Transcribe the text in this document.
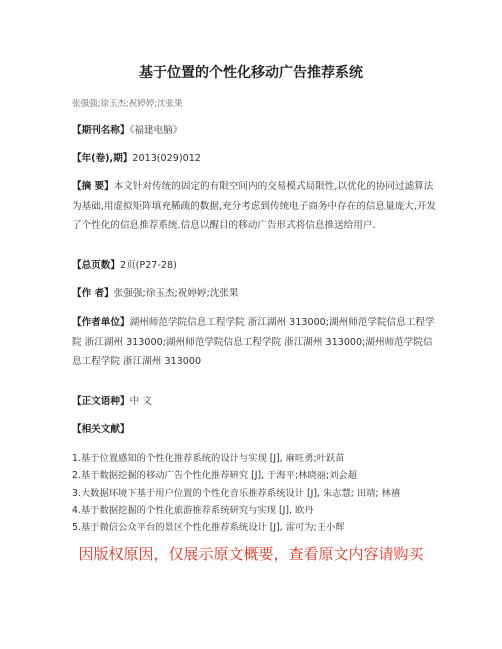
基于位置的个性化移动广告推荐系统
张强强;徐玉杰;祝婷婷;沈张果
【期刊名称】《福建电脑》
【年(卷),期】2013(029)012
【摘 要】本文针对传统的固定的有限空间内的交易模式局限性,以优化的协同过滤算法为基础,用虚拟矩阵填充稀疏的数据,充分考虑到传统电子商务中存在的信息量庞大,开发了个性化的信息推荐系统.信息以醒目的移动广告形式将信息推送给用户.
【总页数】2页(P27-28)
【作 者】张强强;徐玉杰;祝婷婷;沈张果
【作者单位】湖州师范学院信息工程学院 浙江湖州 313000;湖州师范学院信息工程学院 浙江湖州 313000;湖州师范学院信息工程学院 浙江湖州 313000;湖州师范学院信息工程学院 浙江湖州 313000
【正文语种】中 文
【相关文献】
1.基于位置感知的个性化推荐系统的设计与实现 [J], 麻旺勇;叶跃苗
2.基于数据挖掘的移动广告个性化推荐研究 [J], 于海平;林晓丽;刘会超
3.大数据环境下基于用户位置的个性化音乐推荐系统设计 [J], 朱志慧; 田靖; 林禧
4.基于数据挖掘的个性化旅游推荐系统研究与实现 [J], 欧丹
5.基于微信公众平台的景区个性化推荐系统设计 [J], 雷可为;王小辉
因版权原因，仅展示原文概要，查看原文内容请购买
